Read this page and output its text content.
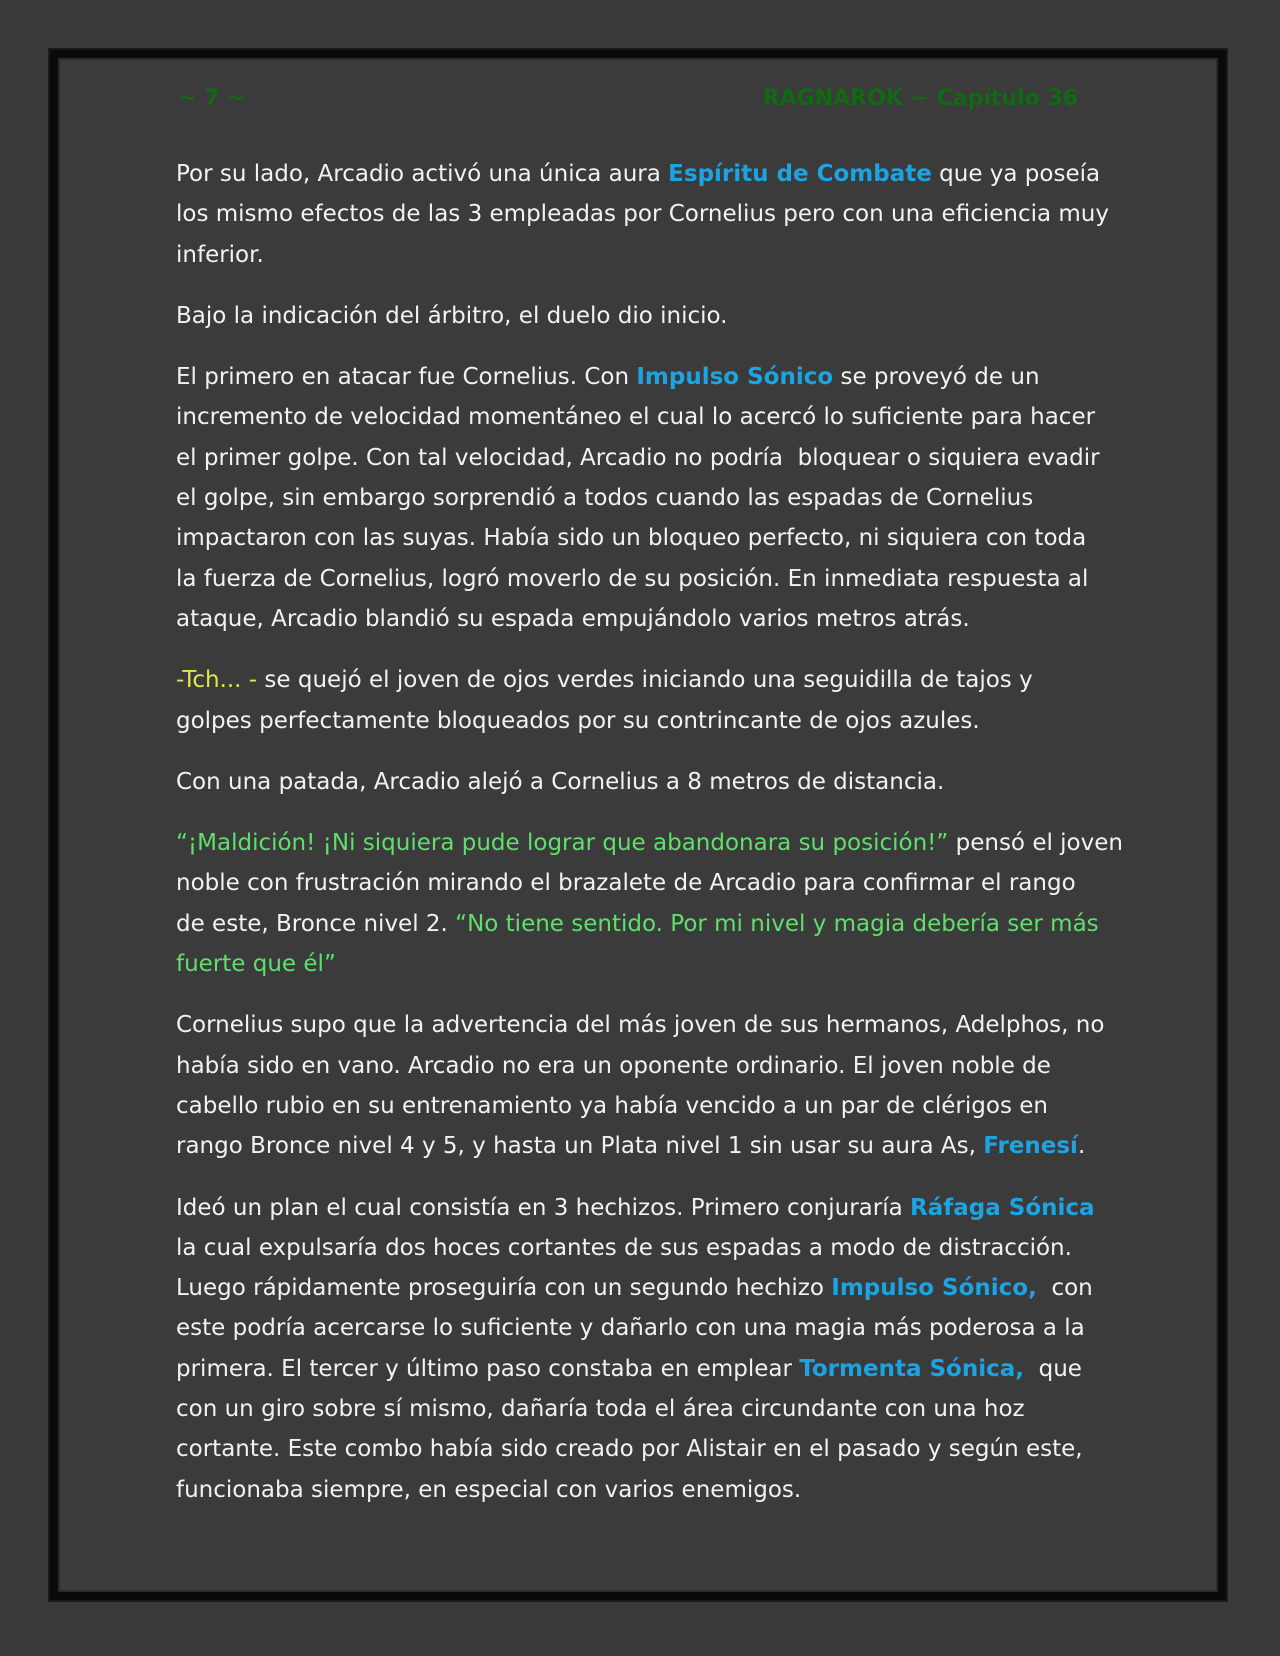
~ 7 ~	RAGNAROK ~ Capítulo 36

Por su lado, Arcadio activó una única aura Espíritu de Combate que ya poseía
los mismo efectos de las 3 empleadas por Cornelius pero con una eficiencia muy
inferior.

Bajo la indicación del árbitro, el duelo dio inicio.

El primero en atacar fue Cornelius. Con Impulso Sónico se proveyó de un
incremento de velocidad momentáneo el cual lo acercó lo suficiente para hacer
el primer golpe. Con tal velocidad, Arcadio no podría  bloquear o siquiera evadir
el golpe, sin embargo sorprendió a todos cuando las espadas de Cornelius
impactaron con las suyas. Había sido un bloqueo perfecto, ni siquiera con toda
la fuerza de Cornelius, logró moverlo de su posición. En inmediata respuesta al
ataque, Arcadio blandió su espada empujándolo varios metros atrás.

-Tch... - se quejó el joven de ojos verdes iniciando una seguidilla de tajos y
golpes perfectamente bloqueados por su contrincante de ojos azules.

Con una patada, Arcadio alejó a Cornelius a 8 metros de distancia.

“¡Maldición! ¡Ni siquiera pude lograr que abandonara su posición!” pensó el joven
noble con frustración mirando el brazalete de Arcadio para confirmar el rango
de este, Bronce nivel 2. “No tiene sentido. Por mi nivel y magia debería ser más
fuerte que él”

Cornelius supo que la advertencia del más joven de sus hermanos, Adelphos, no
había sido en vano. Arcadio no era un oponente ordinario. El joven noble de
cabello rubio en su entrenamiento ya había vencido a un par de clérigos en
rango Bronce nivel 4 y 5, y hasta un Plata nivel 1 sin usar su aura As, Frenesí.

Ideó un plan el cual consistía en 3 hechizos. Primero conjuraría Ráfaga Sónica
la cual expulsaría dos hoces cortantes de sus espadas a modo de distracción.
Luego rápidamente proseguiría con un segundo hechizo Impulso Sónico,  con
este podría acercarse lo suficiente y dañarlo con una magia más poderosa a la
primera. El tercer y último paso constaba en emplear Tormenta Sónica,  que
con un giro sobre sí mismo, dañaría toda el área circundante con una hoz
cortante. Este combo había sido creado por Alistair en el pasado y según este,
funcionaba siempre, en especial con varios enemigos.
